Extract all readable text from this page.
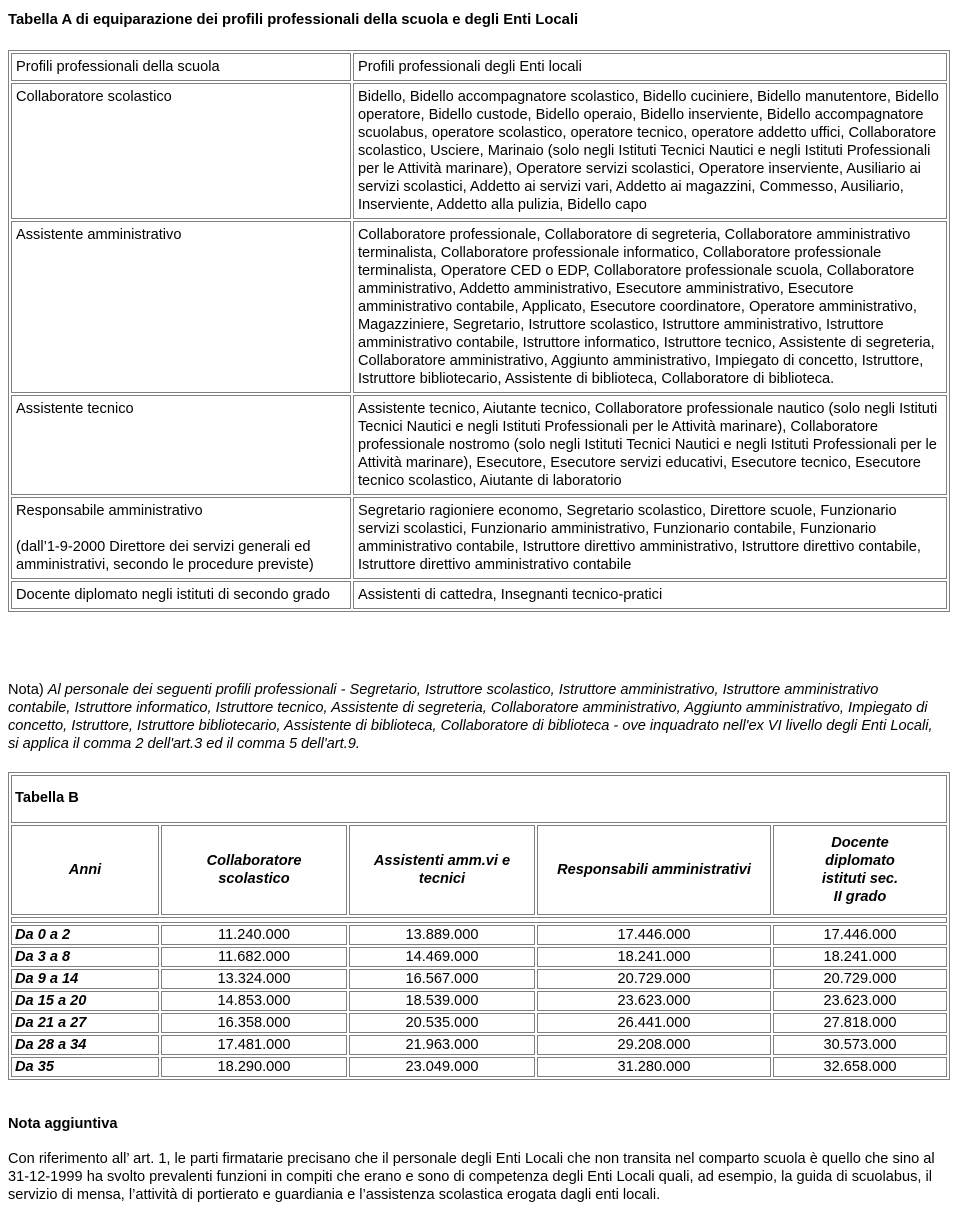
Tabella A di equiparazione dei profili professionali della scuola e degli Enti Locali
Profili professionali della scuola	Profili professionali degli Enti locali
Collaboratore scolastico	Bidello, Bidello accompagnatore scolastico, Bidello cuciniere, Bidello manutentore, Bidello operatore, Bidello custode, Bidello operaio, Bidello inserviente, Bidello accompagnatore scuolabus, operatore scolastico, operatore tecnico, operatore addetto uffici, Collaboratore scolastico, Usciere, Marinaio (solo negli Istituti Tecnici Nautici e negli Istituti Professionali per le Attività marinare), Operatore servizi scolastici, Operatore inserviente, Ausiliario ai servizi scolastici, Addetto ai servizi vari, Addetto ai magazzini, Commesso, Ausiliario, Inserviente, Addetto alla pulizia, Bidello capo
Assistente amministrativo	Collaboratore professionale, Collaboratore di segreteria, Collaboratore amministrativo terminalista, Collaboratore professionale informatico, Collaboratore professionale terminalista, Operatore CED o EDP, Collaboratore professionale scuola, Collaboratore amministrativo, Addetto amministrativo, Esecutore amministrativo, Esecutore amministrativo contabile, Applicato, Esecutore coordinatore, Operatore amministrativo, Magazziniere, Segretario, Istruttore scolastico, Istruttore amministrativo, Istruttore amministrativo contabile, Istruttore informatico, Istruttore tecnico, Assistente di segreteria, Collaboratore amministrativo, Aggiunto amministrativo, Impiegato di concetto, Istruttore, Istruttore bibliotecario, Assistente di biblioteca, Collaboratore di biblioteca.
Assistente tecnico	Assistente tecnico, Aiutante tecnico, Collaboratore professionale nautico (solo negli Istituti Tecnici Nautici e negli Istituti Professionali per le Attività marinare), Collaboratore professionale nostromo (solo negli Istituti Tecnici Nautici e negli Istituti Professionali per le Attività marinare), Esecutore, Esecutore servizi educativi, Esecutore tecnico, Esecutore tecnico scolastico, Aiutante di laboratorio

Responsabile amministrativo
(dall’1-9-2000 Direttore dei servizi generali ed amministrativi, secondo le procedure previste)	Segretario ragioniere economo, Segretario scolastico, Direttore scuole, Funzionario servizi scolastici, Funzionario amministrativo, Funzionario contabile, Funzionario amministrativo contabile, Istruttore direttivo amministrativo, Istruttore direttivo contabile, Istruttore direttivo amministrativo contabile
Docente diplomato negli istituti di secondo grado	Assistenti di cattedra, Insegnanti tecnico-pratici
Nota) Al personale dei seguenti profili professionali - Segretario, Istruttore scolastico, Istruttore amministrativo, Istruttore amministrativo contabile, Istruttore informatico, Istruttore tecnico, Assistente di segreteria, Collaboratore amministrativo, Aggiunto amministrativo, Impiegato di concetto, Istruttore, Istruttore bibliotecario, Assistente di biblioteca, Collaboratore di biblioteca - ove inquadrato nell'ex VI livello degli Enti Locali, si applica il comma 2 dell'art.3 ed il comma 5 dell'art.9.
Tabella B				
Anni	Collaboratore scolastico	Assistenti amm.vi e tecnici	Responsabili amministrativi	Docente diplomato istituti sec. II grado

Da 0 a 2	11.240.000	13.889.000	17.446.000	17.446.000
Da 3 a 8	11.682.000	14.469.000	18.241.000	18.241.000
Da 9 a 14	13.324.000	16.567.000	20.729.000	20.729.000
Da 15 a 20	14.853.000	18.539.000	23.623.000	23.623.000
Da 21 a 27	16.358.000	20.535.000	26.441.000	27.818.000
Da 28 a 34	17.481.000	21.963.000	29.208.000	30.573.000
Da 35	18.290.000	23.049.000	31.280.000	32.658.000
Nota aggiuntiva
Con riferimento all’ art. 1, le parti firmatarie precisano che il personale degli Enti Locali che non transita nel comparto scuola è quello che sino al 31-12-1999 ha svolto prevalenti funzioni in compiti che erano e sono di competenza degli Enti Locali quali, ad esempio, la guida di scuolabus, il servizio di mensa, l’attività di portierato e guardiania e l’assistenza scolastica erogata dagli enti locali.
